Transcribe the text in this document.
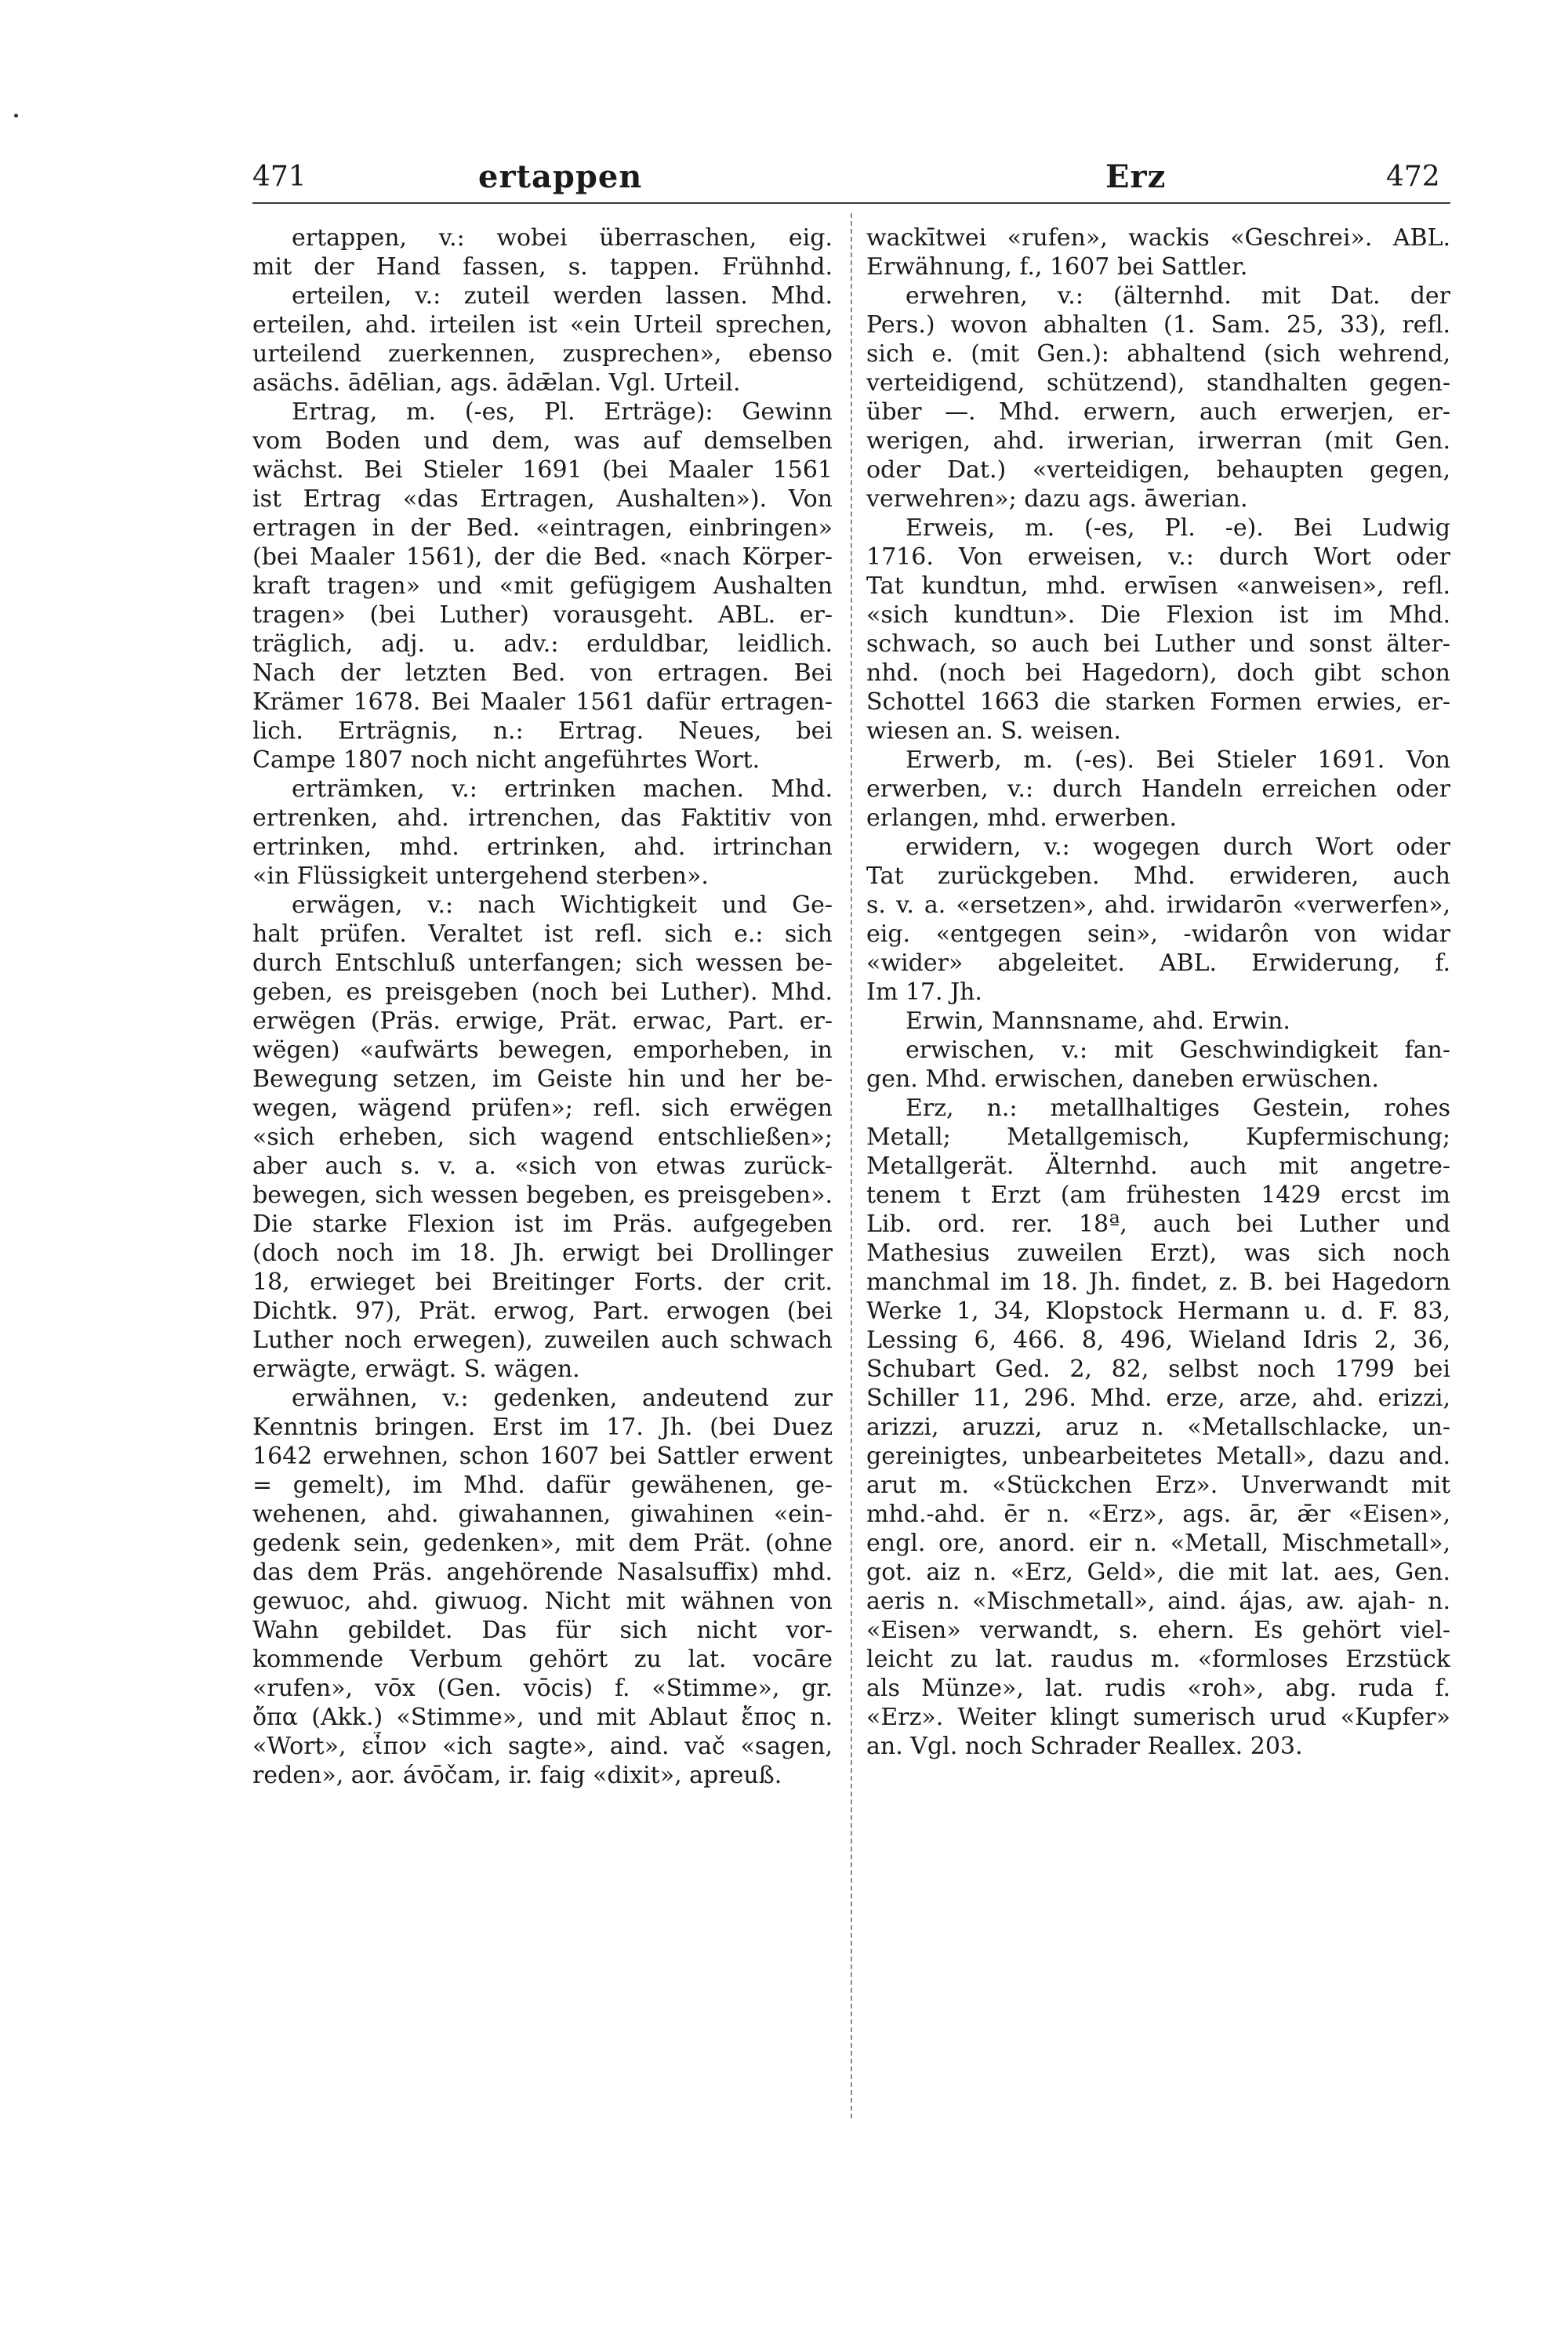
471	ertappen	Erz	472
ertappen, v.: wobei überraschen, eig.
mit der Hand fassen, s. tappen. Frühnhd.
erteilen, v.: zuteil werden lassen. Mhd.
erteilen, ahd. irteilen ist «ein Urteil sprechen,
urteilend zuerkennen, zusprechen», ebenso
asächs. ādēlian, ags. ādǣlan. Vgl. Urteil.
Ertrag, m. (-es, Pl. Erträge): Gewinn
vom Boden und dem, was auf demselben
wächst. Bei Stieler 1691 (bei Maaler 1561
ist Ertrag «das Ertragen, Aushalten»). Von
ertragen in der Bed. «eintragen, einbringen»
(bei Maaler 1561), der die Bed. «nach Körper-
kraft tragen» und «mit gefügigem Aushalten
tragen» (bei Luther) vorausgeht. ABL. er-
träglich, adj. u. adv.: erduldbar, leidlich.
Nach der letzten Bed. von ertragen. Bei
Krämer 1678. Bei Maaler 1561 dafür ertragen-
lich. Erträgnis, n.: Ertrag. Neues, bei
Campe 1807 noch nicht angeführtes Wort.
erträmken, v.: ertrinken machen. Mhd.
ertrenken, ahd. irtrenchen, das Faktitiv von
ertrinken, mhd. ertrinken, ahd. irtrinchan
«in Flüssigkeit untergehend sterben».
erwägen, v.: nach Wichtigkeit und Ge-
halt prüfen. Veraltet ist refl. sich e.: sich
durch Entschluß unterfangen; sich wessen be-
geben, es preisgeben (noch bei Luther). Mhd.
erwëgen (Präs. erwige, Prät. erwac, Part. er-
wëgen) «aufwärts bewegen, emporheben, in
Bewegung setzen, im Geiste hin und her be-
wegen, wägend prüfen»; refl. sich erwëgen
«sich erheben, sich wagend entschließen»;
aber auch s. v. a. «sich von etwas zurück-
bewegen, sich wessen begeben, es preisgeben».
Die starke Flexion ist im Präs. aufgegeben
(doch noch im 18. Jh. erwigt bei Drollinger
18, erwieget bei Breitinger Forts. der crit.
Dichtk. 97), Prät. erwog, Part. erwogen (bei
Luther noch erwegen), zuweilen auch schwach
erwägte, erwägt. S. wägen.
erwähnen, v.: gedenken, andeutend zur
Kenntnis bringen. Erst im 17. Jh. (bei Duez
1642 erwehnen, schon 1607 bei Sattler erwent
= gemelt), im Mhd. dafür gewähenen, ge-
wehenen, ahd. giwahannen, giwahinen «ein-
gedenk sein, gedenken», mit dem Prät. (ohne
das dem Präs. angehörende Nasalsuffix) mhd.
gewuoc, ahd. giwuog. Nicht mit wähnen von
Wahn gebildet. Das für sich nicht vor-
kommende Verbum gehört zu lat. vocāre
«rufen», vōx (Gen. vōcis) f. «Stimme», gr.
ὄπα (Akk.) «Stimme», und mit Ablaut ἔπος n.
«Wort», εἶπον «ich sagte», aind. vač «sagen,
reden», aor. ávōčam, ir. faig «dixit», apreuß.
wackītwei «rufen», wackis «Geschrei». ABL.
Erwähnung, f., 1607 bei Sattler.
erwehren, v.: (älternhd. mit Dat. der
Pers.) wovon abhalten (1. Sam. 25, 33), refl.
sich e. (mit Gen.): abhaltend (sich wehrend,
verteidigend, schützend), standhalten gegen-
über —. Mhd. erwern, auch erwerjen, er-
werigen, ahd. irwerian, irwerran (mit Gen.
oder Dat.) «verteidigen, behaupten gegen,
verwehren»; dazu ags. āwerian.
Erweis, m. (-es, Pl. -e). Bei Ludwig
1716. Von erweisen, v.: durch Wort oder
Tat kundtun, mhd. erwīsen «anweisen», refl.
«sich kundtun». Die Flexion ist im Mhd.
schwach, so auch bei Luther und sonst älter-
nhd. (noch bei Hagedorn), doch gibt schon
Schottel 1663 die starken Formen erwies, er-
wiesen an. S. weisen.
Erwerb, m. (-es). Bei Stieler 1691. Von
erwerben, v.: durch Handeln erreichen oder
erlangen, mhd. erwerben.
erwidern, v.: wogegen durch Wort oder
Tat zurückgeben. Mhd. erwideren, auch
s. v. a. «ersetzen», ahd. irwidarōn «verwerfen»,
eig. «entgegen sein», -widarôn von widar
«wider» abgeleitet. ABL. Erwiderung, f.
Im 17. Jh.
Erwin, Mannsname, ahd. Erwin.
erwischen, v.: mit Geschwindigkeit fan-
gen. Mhd. erwischen, daneben erwüschen.
Erz, n.: metallhaltiges Gestein, rohes
Metall; Metallgemisch, Kupfermischung;
Metallgerät. Älternhd. auch mit angetre-
tenem t Erzt (am frühesten 1429 ercst im
Lib. ord. rer. 18ª, auch bei Luther und
Mathesius zuweilen Erzt), was sich noch
manchmal im 18. Jh. findet, z. B. bei Hagedorn
Werke 1, 34, Klopstock Hermann u. d. F. 83,
Lessing 6, 466. 8, 496, Wieland Idris 2, 36,
Schubart Ged. 2, 82, selbst noch 1799 bei
Schiller 11, 296. Mhd. erze, arze, ahd. erizzi,
arizzi, aruzzi, aruz n. «Metallschlacke, un-
gereinigtes, unbearbeitetes Metall», dazu and.
arut m. «Stückchen Erz». Unverwandt mit
mhd.-ahd. ēr n. «Erz», ags. ār, ǣr «Eisen»,
engl. ore, anord. eir n. «Metall, Mischmetall»,
got. aiz n. «Erz, Geld», die mit lat. aes, Gen.
aeris n. «Mischmetall», aind. ájas, aw. ajah- n.
«Eisen» verwandt, s. ehern. Es gehört viel-
leicht zu lat. raudus m. «formloses Erzstück
als Münze», lat. rudis «roh», abg. ruda f.
«Erz». Weiter klingt sumerisch urud «Kupfer»
an. Vgl. noch Schrader Reallex. 203.
